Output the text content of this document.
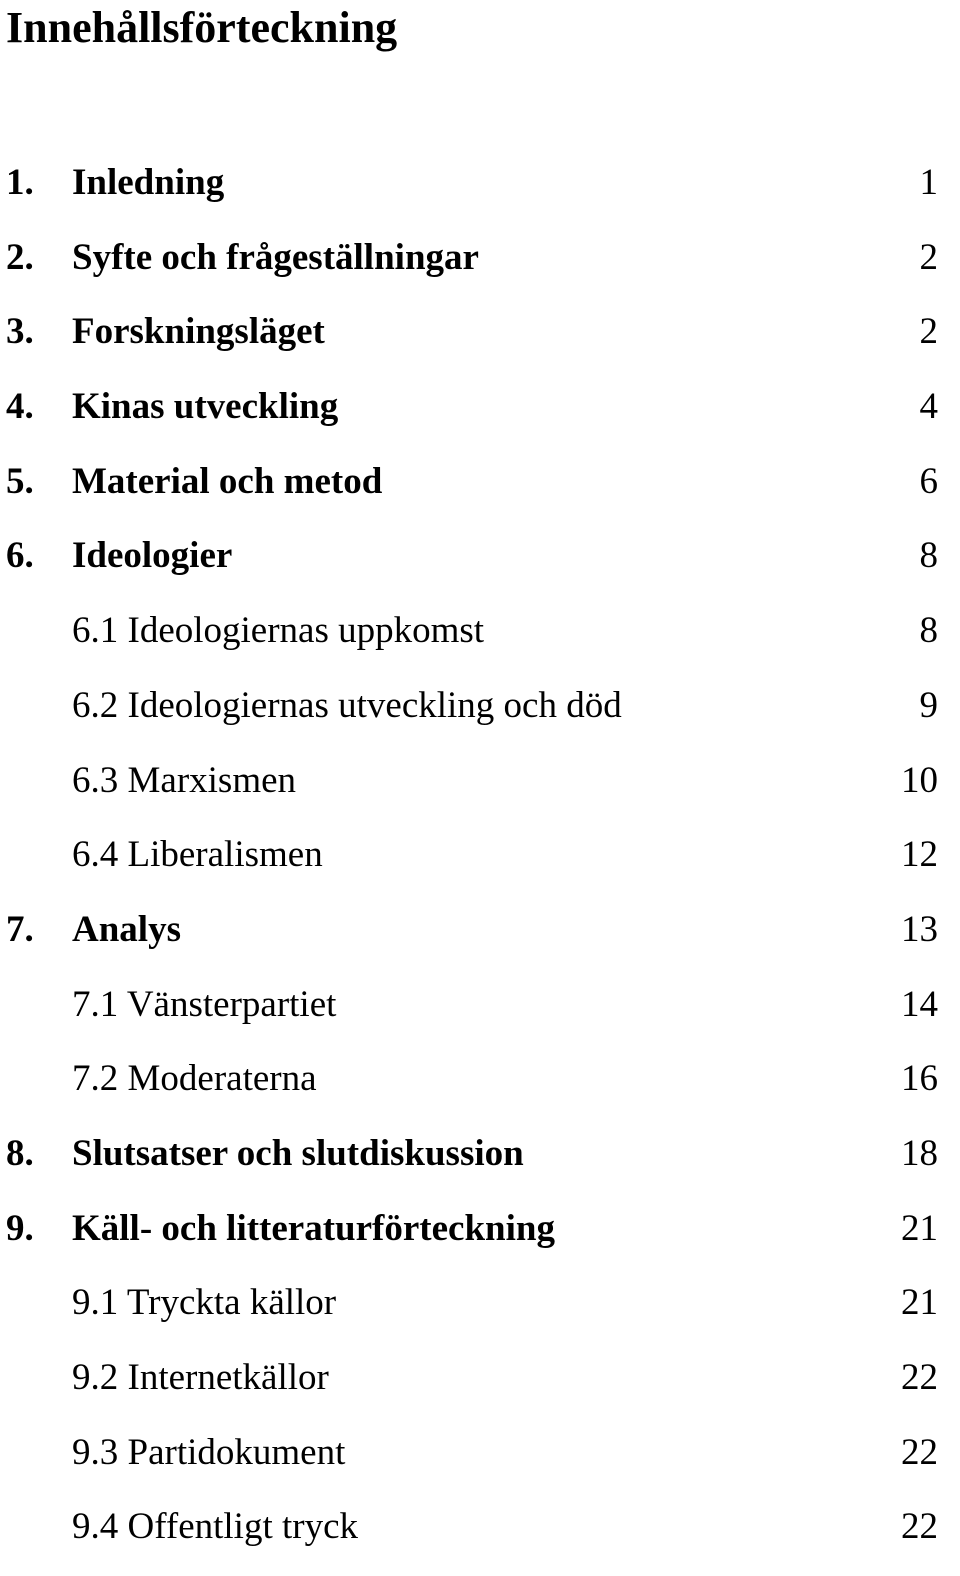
Innehållsförteckning
1. Inledning	1
2. Syfte och frågeställningar	2
3. Forskningsläget	2
4. Kinas utveckling	4
5. Material och metod	6
6. Ideologier	8
6.1 Ideologiernas uppkomst	8
6.2 Ideologiernas utveckling och död	9
6.3 Marxismen	10
6.4 Liberalismen	12
7. Analys	13
7.1 Vänsterpartiet	14
7.2 Moderaterna	16
8. Slutsatser och slutdiskussion	18
9. Käll- och litteraturförteckning	21
9.1 Tryckta källor	21
9.2 Internetkällor	22
9.3 Partidokument	22
9.4 Offentligt tryck	22
